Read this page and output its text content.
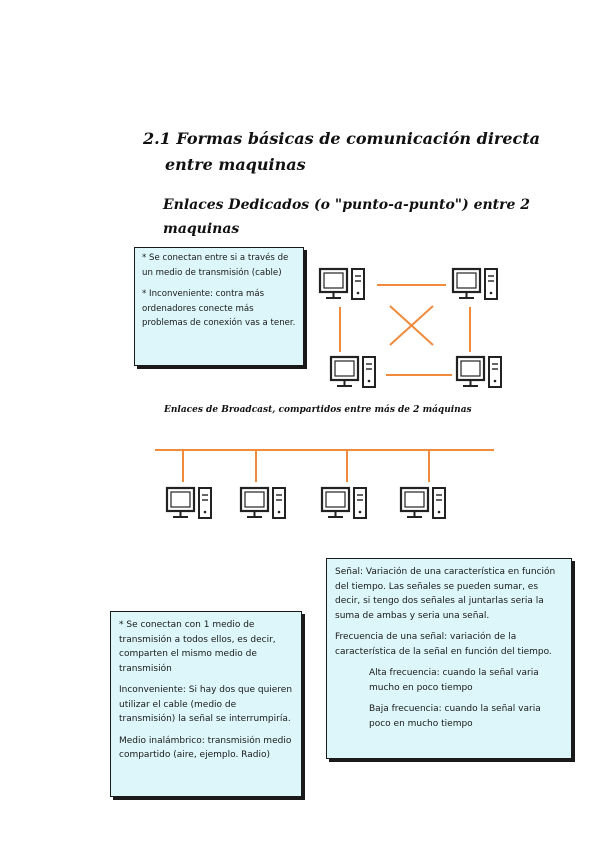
2.1 Formas básicas de comunicación directa
entre maquinas
Enlaces Dedicados (o "punto-a-punto") entre 2
maquinas

* Se conectan entre si a través de un medio de transmisión (cable)

* Inconveniente: contra más ordenadores conecte más problemas de conexión vas a tener.

Enlaces de Broadcast, compartidos entre más de 2 máquinas

Señal: Variación de una característica en función del tiempo. Las señales se pueden sumar, es decir, si tengo dos señales al juntarlas seria la suma de ambas y seria una señal.

Frecuencia de una señal: variación de la característica de la señal en función del tiempo.

Alta frecuencia: cuando la señal varia mucho en poco tiempo

Baja frecuencia: cuando la señal varia poco en mucho tiempo

* Se conectan con 1 medio de transmisión a todos ellos, es decir, comparten el mismo medio de transmisión

Inconveniente: Si hay dos que quieren utilizar el cable (medio de transmisión) la señal se interrumpiría.

Medio inalámbrico: transmisión medio compartido (aire, ejemplo. Radio)
